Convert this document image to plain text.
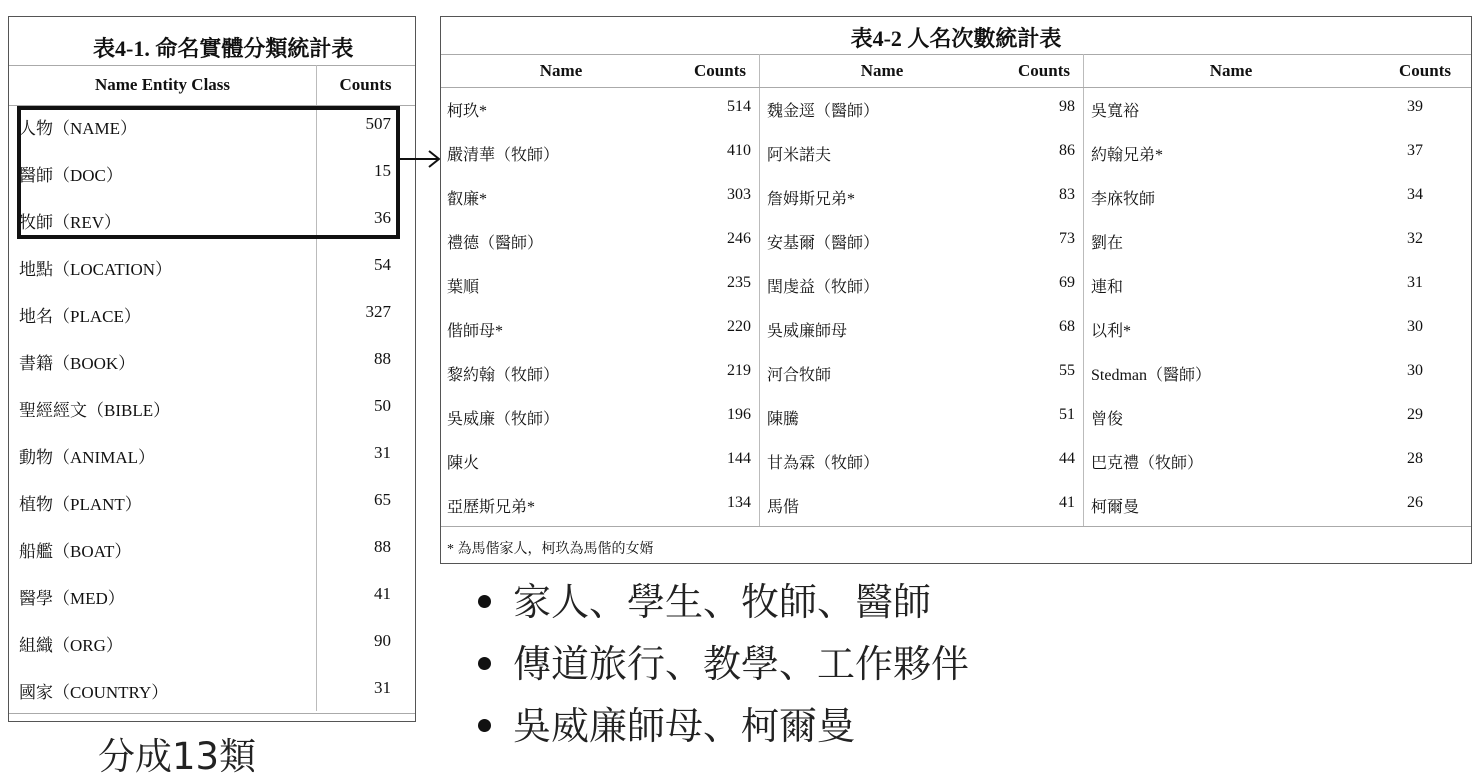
表4-1. 命名實體分類統計表
Name Entity Class	Counts
人物（NAME）	507
醫師（DOC）	15
牧師（REV）	36
地點（LOCATION）	54
地名（PLACE）	327
書籍（BOOK）	88
聖經經文（BIBLE）	50
動物（ANIMAL）	31
植物（PLANT）	65
船艦（BOAT）	88
醫學（MED）	41
組織（ORG）	90
國家（COUNTRY）	31
表4-2 人名次數統計表
Name	Counts	Name	Counts	Name	Counts
柯玖*	514 魏金逕（醫師）	98 吳寬裕	39
嚴清華（牧師）	410 阿米諾夫	86 約翰兄弟*	37
叡廉*	303 詹姆斯兄弟*	83 李庥牧師	34
禮德（醫師）	246 安基爾（醫師）	73 劉在	32
葉順	235 閏虔益（牧師）	69 連和	31
偕師母*	220 吳威廉師母	68 以利*	30
黎約翰（牧師）	219 河合牧師	55 Stedman（醫師）	30
吳威廉（牧師）	196 陳騰	51 曾俊	29
陳火	144 甘為霖（牧師）	44 巴克禮（牧師）	28
亞歷斯兄弟*	134 馬偕	41 柯爾曼	26
* 為馬偕家人，柯玖為馬偕的女婿
家人、學生、牧師、醫師
傳道旅行、教學、工作夥伴
吳威廉師母、柯爾曼
分成13類
